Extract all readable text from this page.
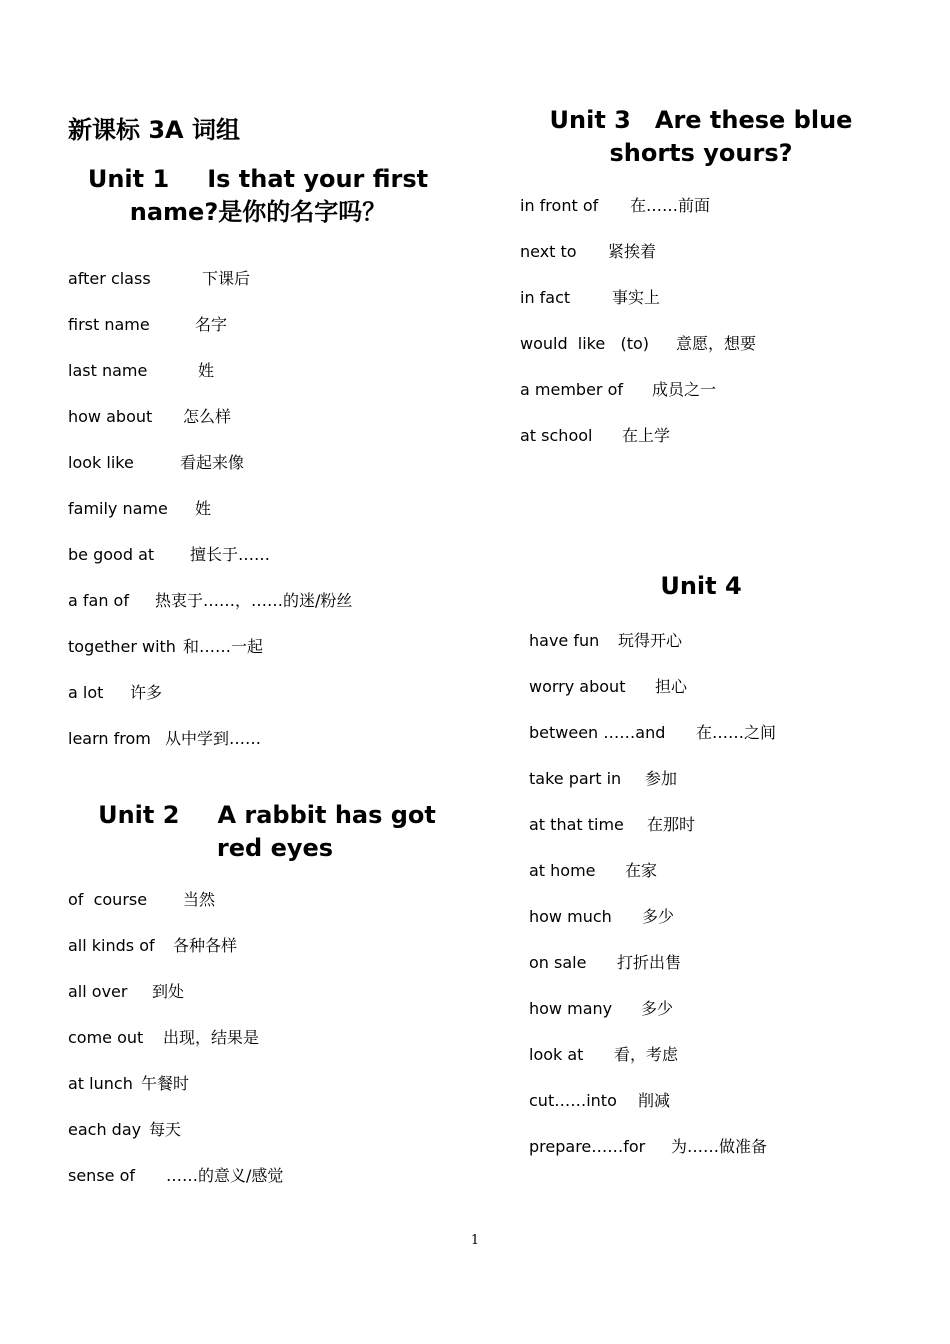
新课标 3A 词组
Unit 1 Is that your first
name?是你的名字吗？
after class	下课后
first name	名字
last name	姓
how about 怎么样
look like	看起来像
family name 姓
be good at 擅长于……
a fan of 热衷于……，……的迷/粉丝
together with 和……一起
a lot 许多
learn from 从中学到……
Unit 2 A rabbit has got
red eyes
of  course 当然
all kinds of 各种各样
all over 到处
come out 出现，结果是
at lunch 午餐时
each day 每天
sense of ……的意义/感觉
Unit 3 Are these blue
shorts yours?
in front of 在……前面
next to 紧挨着
in fact	事实上
would  like   (to) 意愿，想要
a member of 成员之一
at school 在上学
Unit 4
have fun 玩得开心
worry about 担心
between ……and 在……之间
take part in 参加
at that time 在那时
at home 在家
how much 多少
on sale 打折出售
how many 多少
look at 看，考虑
cut……into 削减
prepare……for 为……做准备
1
